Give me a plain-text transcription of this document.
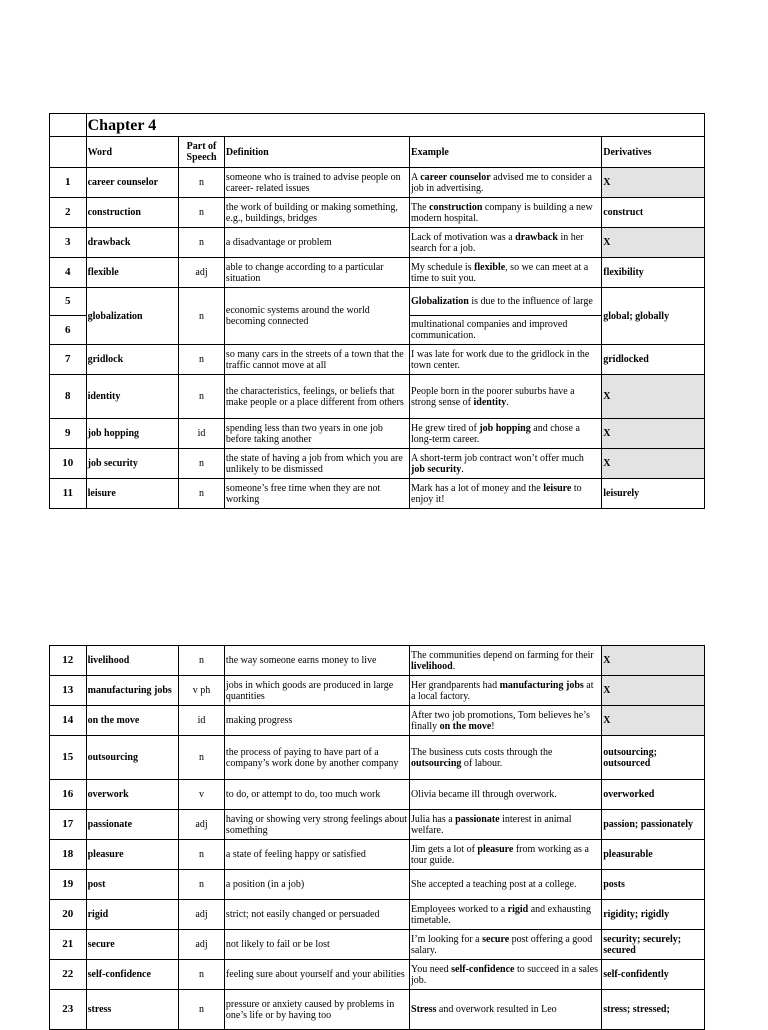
	Chapter 4				
	Word	Part of Speech	Definition	Example	Derivatives
1	career counselor	n	someone who is trained to advise people on career- related issues	A career counselor advised me to consider a job in advertising.	X
2	construction	n	the work of building or making something, e.g., buildings, bridges	The construction company is building a new modern hospital.	construct
3	drawback	n	a disadvantage or problem	Lack of motivation was a drawback in her search for a job.	X
4	flexible	adj	able to change according to a particular situation	My schedule is flexible, so we can meet at a time to suit you.	flexibility
5	globalization	n	economic systems around the world becoming connected	Globalization is due to the influence of large	global; globally
6				multinational companies and improved communication.	
7	gridlock	n	so many cars in the streets of a town that the traffic cannot move at all	I was late for work due to the gridlock in the town center.	gridlocked
8	identity	n	the characteristics, feelings, or beliefs that make people or a place different from others	People born in the poorer suburbs have a strong sense of identity.	X
9	job hopping	id	spending less than two years in one job before taking another	He grew tired of job hopping and chose a long-term career.	X
10	job security	n	the state of having a job from which you are unlikely to be dismissed	A short-term job contract won’t offer much job security.	X
11	leisure	n	someone’s free time when they are not working	Mark has a lot of money and the leisure to enjoy it!	leisurely
12	livelihood	n	the way someone earns money to live	The communities depend on farming for their livelihood.	X
13	manufacturing jobs	v ph	jobs in which goods are produced in large quantities	Her grandparents had manufacturing jobs at a local factory.	X
14	on the move	id	making progress	After two job promotions, Tom believes he’s finally on the move!	X
15	outsourcing	n	the process of paying to have part of a company’s work done by another company	The business cuts costs through the outsourcing of labour.	outsourcing; outsourced
16	overwork	v	to do, or attempt to do, too much work	Olivia became ill through overwork.	overworked
17	passionate	adj	having or showing very strong feelings about something	Julia has a passionate interest in animal welfare.	passion; passionately
18	pleasure	n	a state of feeling happy or satisfied	Jim gets a lot of pleasure from working as a tour guide.	pleasurable
19	post	n	a position (in a job)	She accepted a teaching post at a college.	posts
20	rigid	adj	strict; not easily changed or persuaded	Employees worked to a rigid and exhausting timetable.	rigidity; rigidly
21	secure	adj	not likely to fail or be lost	I’m looking for a secure post offering a good salary.	security; securely; secured
22	self-confidence	n	feeling sure about yourself and your abilities	You need self-confidence to succeed in a sales job.	self-confidently
23	stress	n	pressure or anxiety caused by problems in one’s life or by having too	Stress and overwork resulted in Leo	stress; stressed;
